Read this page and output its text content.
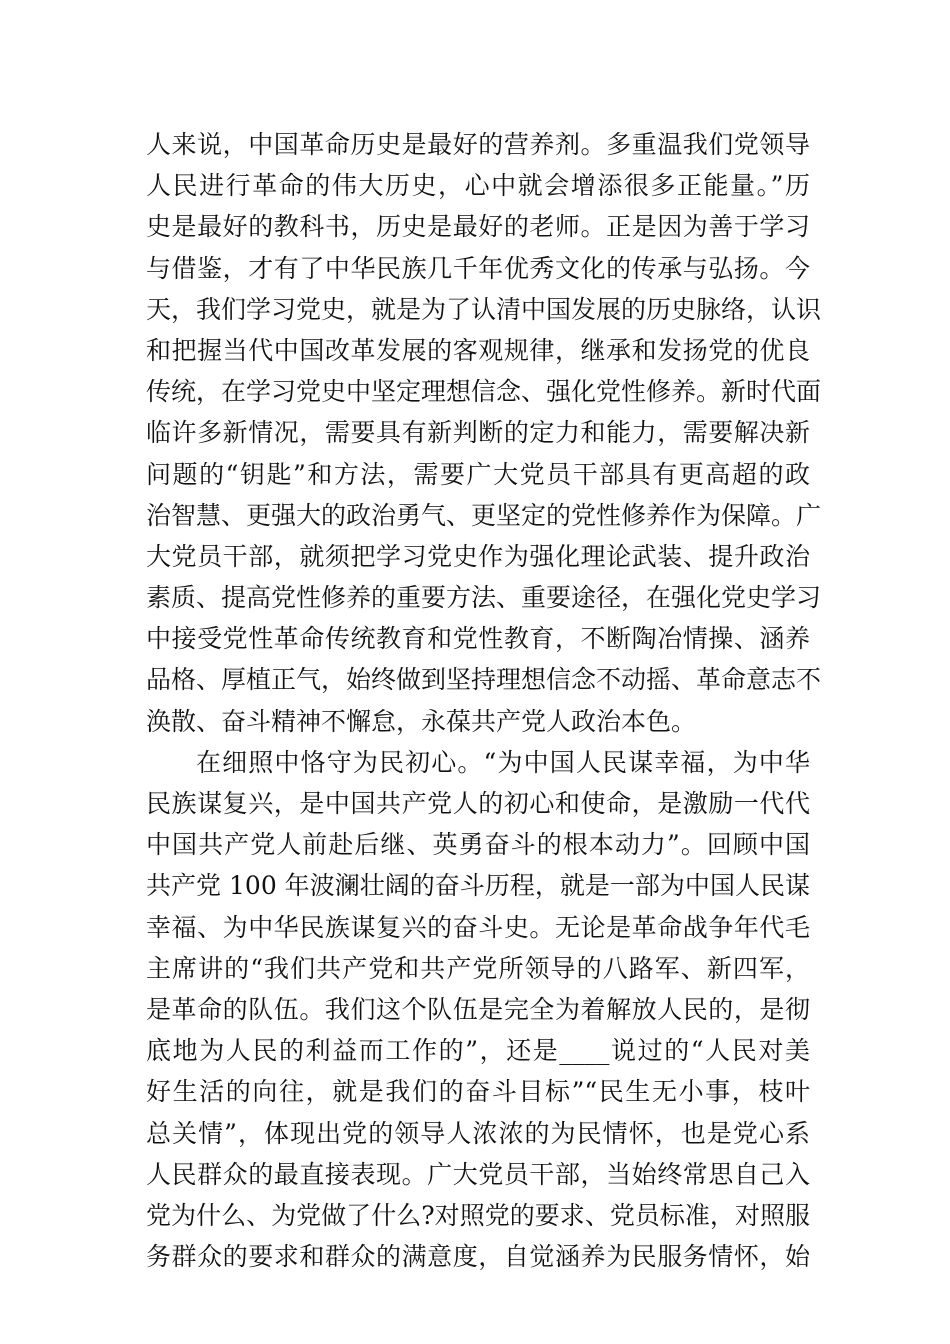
人来说，中国革命历史是最好的营养剂。多重温我们党领导
人民进行革命的伟大历史，心中就会增添很多正能量。”历
史是最好的教科书，历史是最好的老师。正是因为善于学习
与借鉴，才有了中华民族几千年优秀文化的传承与弘扬。今
天，我们学习党史，就是为了认清中国发展的历史脉络，认识
和把握当代中国改革发展的客观规律，继承和发扬党的优良
传统，在学习党史中坚定理想信念、强化党性修养。新时代面
临许多新情况，需要具有新判断的定力和能力，需要解决新
问题的“钥匙”和方法，需要广大党员干部具有更高超的政
治智慧、更强大的政治勇气、更坚定的党性修养作为保障。广
大党员干部，就须把学习党史作为强化理论武装、提升政治
素质、提高党性修养的重要方法、重要途径，在强化党史学习
中接受党性革命传统教育和党性教育，不断陶冶情操、涵养
品格、厚植正气，始终做到坚持理想信念不动摇、革命意志不
涣散、奋斗精神不懈怠，永葆共产党人政治本色。
在细照中恪守为民初心。“为中国人民谋幸福，为中华
民族谋复兴，是中国共产党人的初心和使命，是激励一代代
中国共产党人前赴后继、英勇奋斗的根本动力”。回顾中国
共产党 100 年波澜壮阔的奋斗历程，就是一部为中国人民谋
幸福、为中华民族谋复兴的奋斗史。无论是革命战争年代毛
主席讲的“我们共产党和共产党所领导的八路军、新四军，
是革命的队伍。我们这个队伍是完全为着解放人民的，是彻
底地为人民的利益而工作的”，还是____说过的“人民对美
好生活的向往，就是我们的奋斗目标”“民生无小事，枝叶
总关情”，体现出党的领导人浓浓的为民情怀，也是党心系
人民群众的最直接表现。广大党员干部，当始终常思自己入
党为什么、为党做了什么?对照党的要求、党员标准，对照服
务群众的要求和群众的满意度，自觉涵养为民服务情怀，始
